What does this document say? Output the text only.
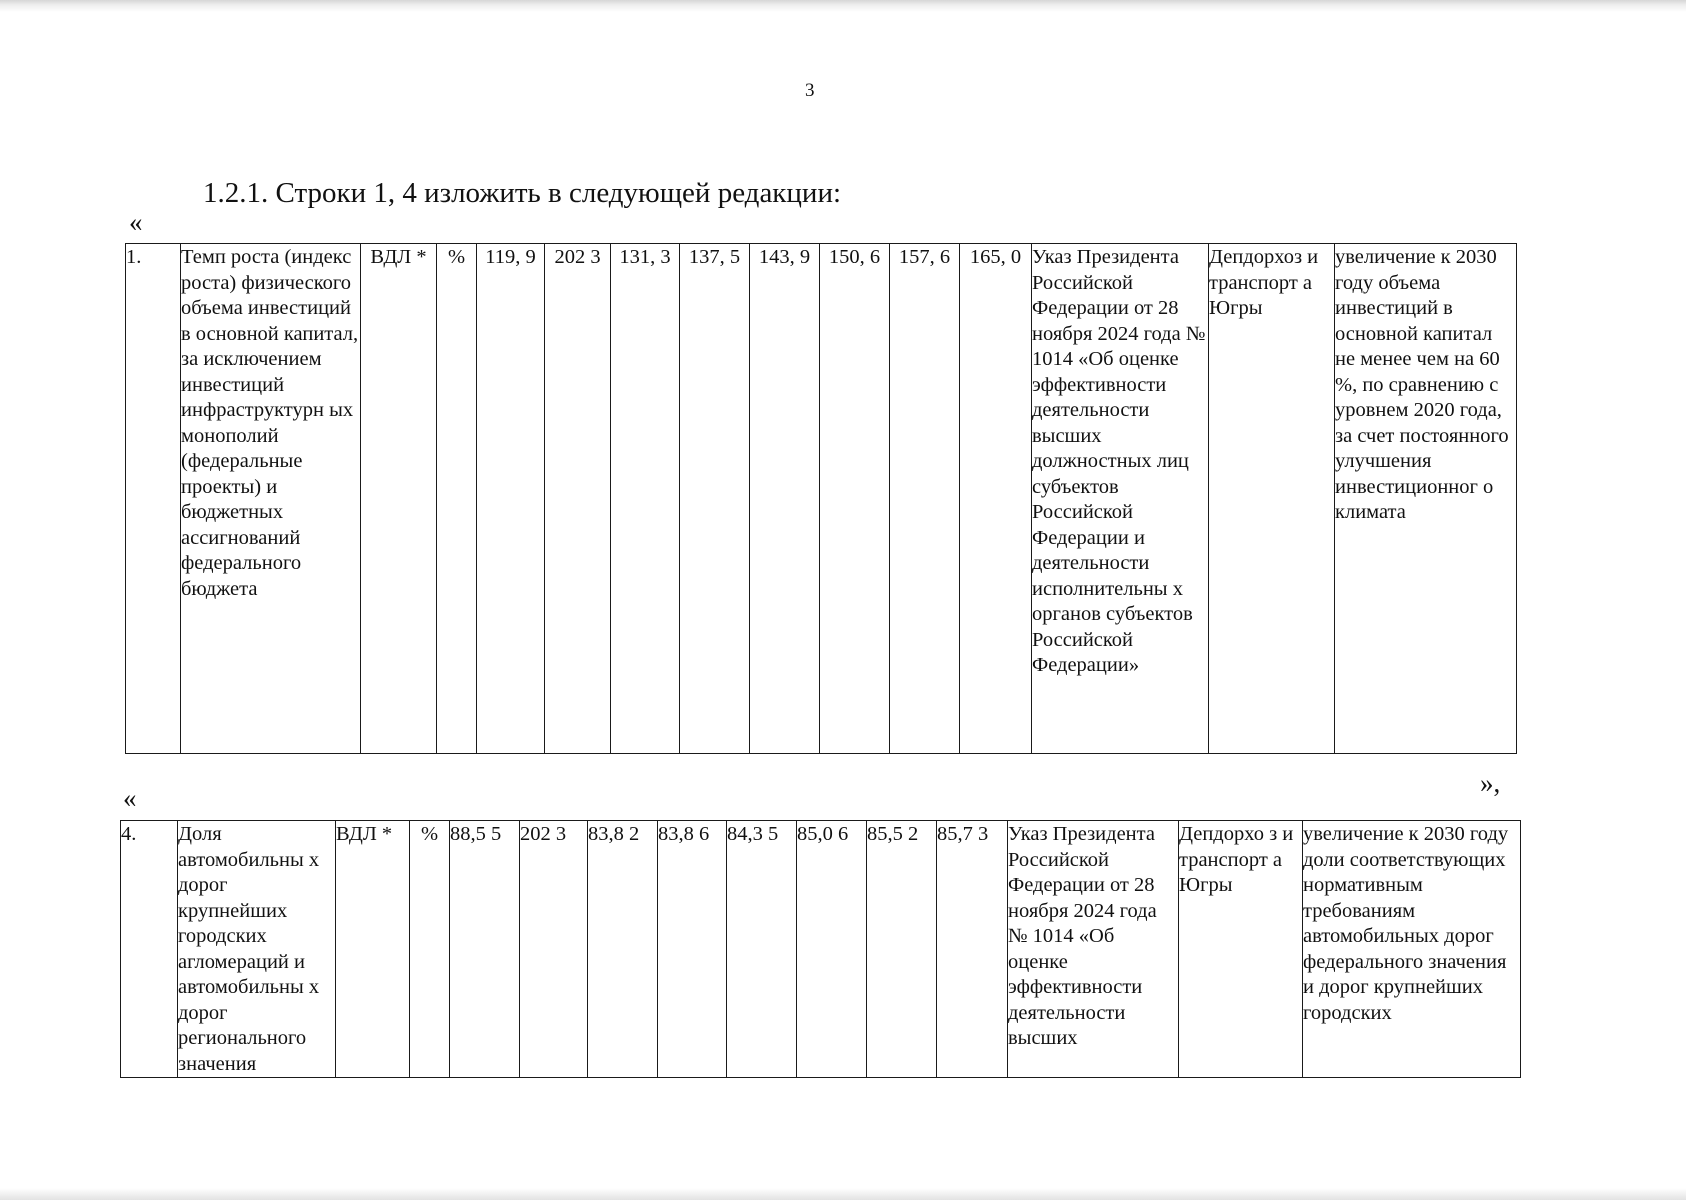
3
1.2.1. Строки 1, 4 изложить в следующей редакции:
«
1.	Темп роста (индекс роста) физического объема инвестиций в основной капитал, за исключением инвестиций инфраструктурн ых монополий (федеральные проекты) и бюджетных ассигнований федерального бюджета	ВДЛ *	%	119, 9	202 3	131, 3	137, 5	143, 9	150, 6	157, 6	165, 0	Указ Президента Российской Федерации от 28 ноября 2024 года № 1014 «Об оценке эффективности деятельности высших должностных лиц субъектов Российской Федерации и деятельности исполнительны х органов субъектов Российской Федерации»	Депдорхоз и транспорт а Югры	увеличение к 2030 году объема инвестиций в основной капитал не менее чем на 60 %, по сравнению с уровнем 2020 года, за счет постоянного улучшения инвестиционног о климата
»,
«
4.	Доля автомобильны х дорог крупнейших городских агломераций и автомобильны х дорог регионального значения	ВДЛ *	%	88,5 5	202 3	83,8 2	83,8 6	84,3 5	85,0 6	85,5 2	85,7 3	Указ Президента Российской Федерации от 28 ноября 2024 года № 1014 «Об оценке эффективности деятельности высших	Депдорхо з и транспорт а Югры	увеличение к 2030 году доли соответствующих нормативным требованиям автомобильных дорог федерального значения и дорог крупнейших городских
